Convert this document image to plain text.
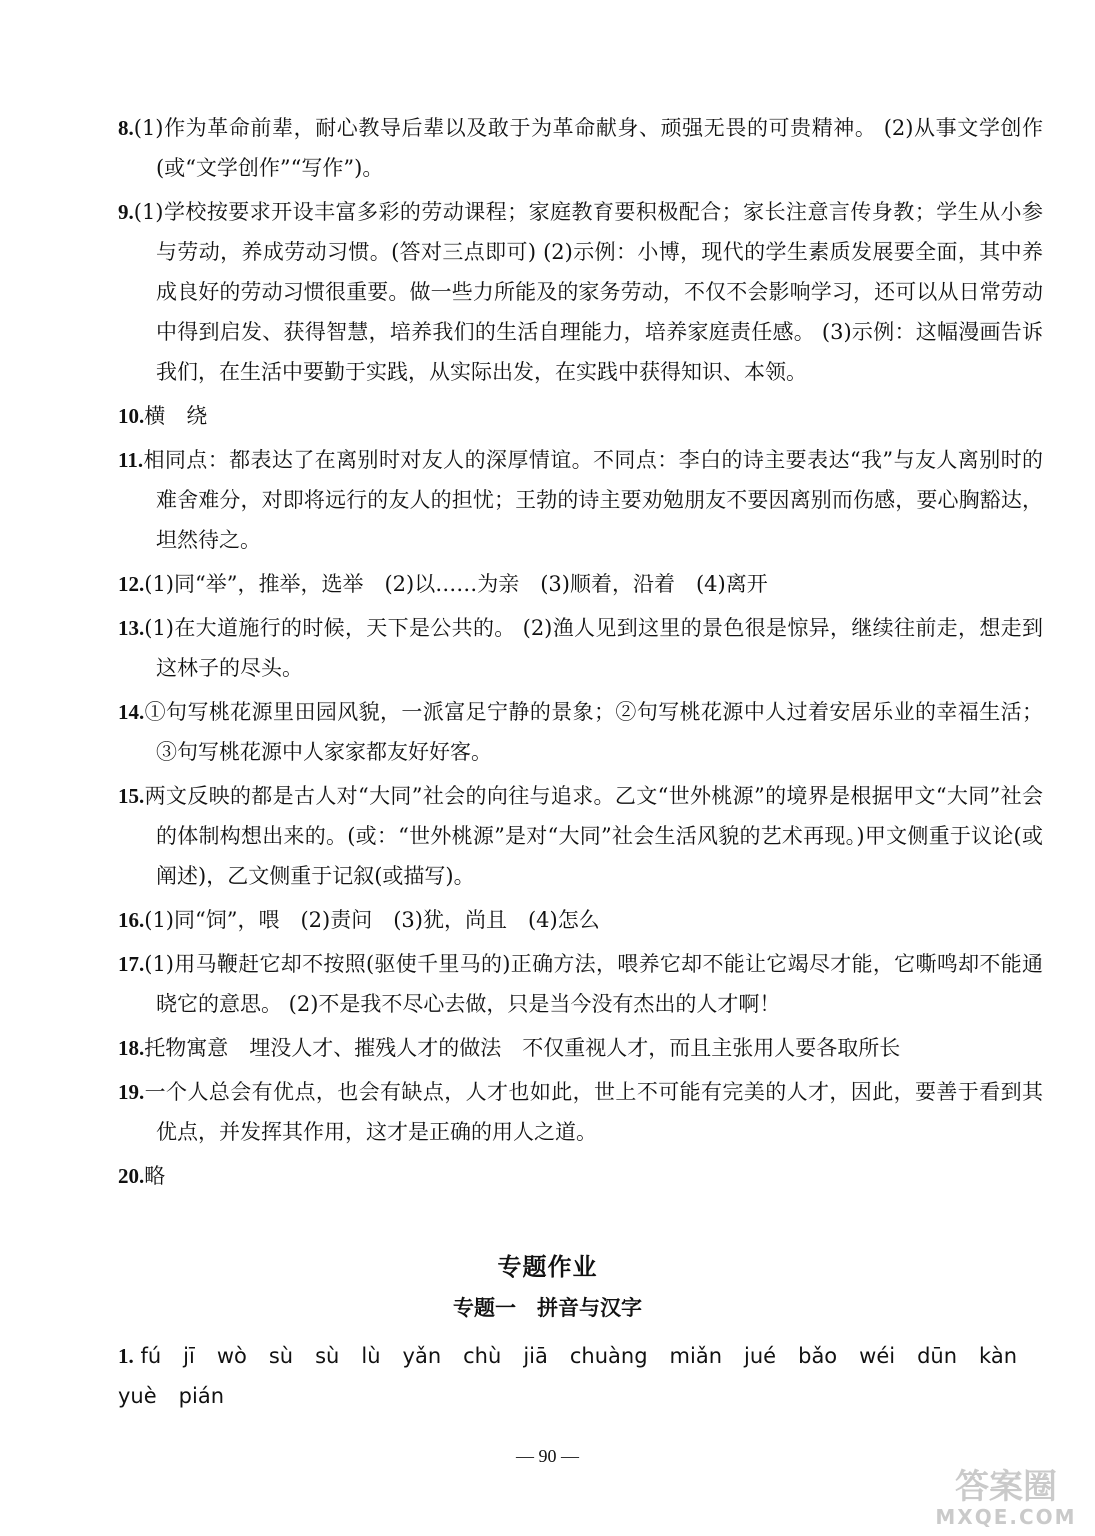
8.(1)作为革命前辈，耐心教导后辈以及敢于为革命献身、顽强无畏的可贵精神。 (2)从事文学创作(或“文学创作”“写作”)。
9.(1)学校按要求开设丰富多彩的劳动课程；家庭教育要积极配合；家长注意言传身教；学生从小参与劳动，养成劳动习惯。(答对三点即可) (2)示例：小博，现代的学生素质发展要全面，其中养成良好的劳动习惯很重要。做一些力所能及的家务劳动，不仅不会影响学习，还可以从日常劳动中得到启发、获得智慧，培养我们的生活自理能力，培养家庭责任感。 (3)示例：这幅漫画告诉我们，在生活中要勤于实践，从实际出发，在实践中获得知识、本领。
10.横　绕
11.相同点：都表达了在离别时对友人的深厚情谊。不同点：李白的诗主要表达“我”与友人离别时的难舍难分，对即将远行的友人的担忧；王勃的诗主要劝勉朋友不要因离别而伤感，要心胸豁达，坦然待之。
12.(1)同“举”，推举，选举　(2)以……为亲　(3)顺着，沿着　(4)离开
13.(1)在大道施行的时候，天下是公共的。 (2)渔人见到这里的景色很是惊异，继续往前走，想走到这林子的尽头。
14.①句写桃花源里田园风貌，一派富足宁静的景象；②句写桃花源中人过着安居乐业的幸福生活；③句写桃花源中人家家都友好好客。
15.两文反映的都是古人对“大同”社会的向往与追求。乙文“世外桃源”的境界是根据甲文“大同”社会的体制构想出来的。(或：“世外桃源”是对“大同”社会生活风貌的艺术再现。)甲文侧重于议论(或阐述)，乙文侧重于记叙(或描写)。
16.(1)同“饲”，喂　(2)责问　(3)犹，尚且　(4)怎么
17.(1)用马鞭赶它却不按照(驱使千里马的)正确方法，喂养它却不能让它竭尽才能，它嘶鸣却不能通晓它的意思。 (2)不是我不尽心去做，只是当今没有杰出的人才啊！
18.托物寓意　埋没人才、摧残人才的做法　不仅重视人才，而且主张用人要各取所长
19.一个人总会有优点，也会有缺点，人才也如此，世上不可能有完美的人才，因此，要善于看到其优点，并发挥其作用，这才是正确的用人之道。
20.略
专题作业
专题一　拼音与汉字
1. fú jī wò sù sù lù yǎn chù jiā chuàng miǎn jué bǎo wéi dūn kàn
yuè pián
— 90 —
答案圈
MXQE.COM
